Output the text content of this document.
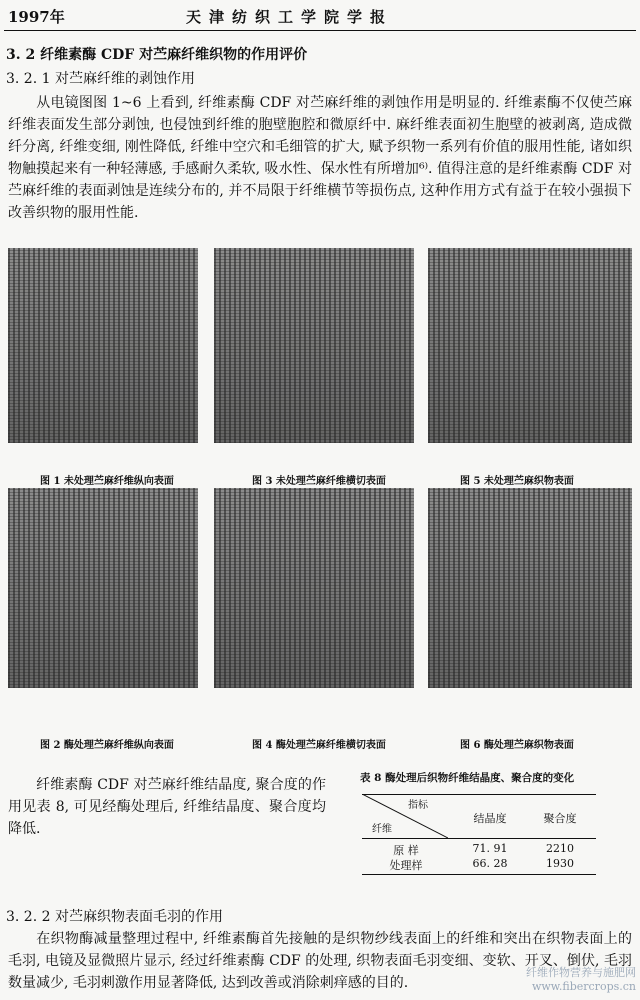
1997年	天津纺织工学院学报
3. 2 纤维素酶 CDF 对苎麻纤维织物的作用评价
3. 2. 1 对苎麻纤维的剥蚀作用
从电镜图图 1~6 上看到, 纤维素酶 CDF 对苎麻纤维的剥蚀作用是明显的. 纤维素酶不仅使苎麻纤维表面发生部分剥蚀, 也侵蚀到纤维的胞壁胞腔和微原纤中. 麻纤维表面初生胞壁的被剥离, 造成微纤分离, 纤维变细, 刚性降低, 纤维中空穴和毛细管的扩大, 赋予织物一系列有价值的服用性能, 诸如织物触摸起来有一种轻薄感, 手感耐久柔软, 吸水性、保水性有所增加⁶⁾. 值得注意的是纤维素酶 CDF 对苎麻纤维的表面剥蚀是连续分布的, 并不局限于纤维横节等损伤点, 这种作用方式有益于在较小强损下改善织物的服用性能.
图 1 未处理苎麻纤维纵向表面	图 3 未处理苎麻纤维横切表面	图 5 未处理苎麻织物表面
图 2 酶处理苎麻纤维纵向表面	图 4 酶处理苎麻纤维横切表面	图 6 酶处理苎麻织物表面
纤维素酶 CDF 对苎麻纤维结晶度, 聚合度的作用见表 8, 可见经酶处理后, 纤维结晶度、聚合度均降低.
表 8 酶处理后织物纤维结晶度、聚合度的变化
指标
纤维
结晶度	聚合度
原 样	71. 91	2210
处理样	66. 28	1930
3. 2. 2 对苎麻织物表面毛羽的作用
在织物酶减量整理过程中, 纤维素酶首先接触的是织物纱线表面上的纤维和突出在织物表面上的毛羽, 电镜及显微照片显示, 经过纤维素酶 CDF 的处理, 织物表面毛羽变细、变软、开叉、倒伏, 毛羽数量减少, 毛羽刺激作用显著降低, 达到改善或消除刺痒感的目的.
纤维作物营养与施肥网
www.fibercrops.cn
